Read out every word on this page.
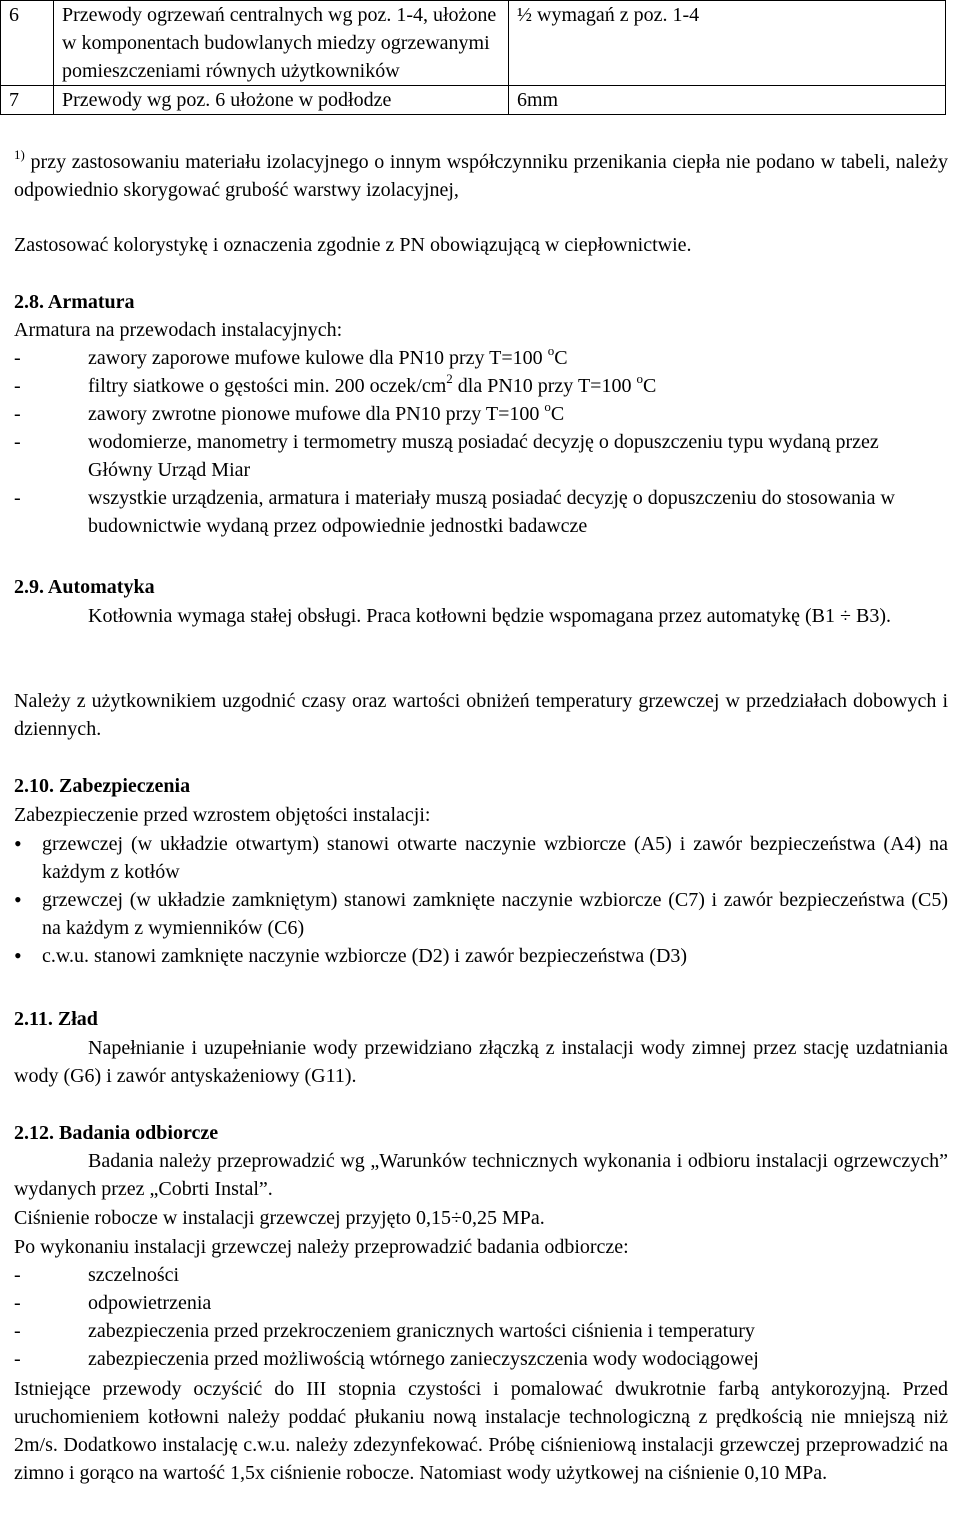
6	Przewody ogrzewań centralnych wg poz. 1-4, ułożone w komponentach budowlanych miedzy ogrzewanymi pomieszczeniami równych użytkowników	½ wymagań z poz. 1-4
7	Przewody wg poz. 6 ułożone w podłodze	6mm

$^{1)}$ przy zastosowaniu materiału izolacyjnego o innym współczynniku przenikania ciepła nie podano w tabeli, należy odpowiednio skorygować grubość warstwy izolacyjnej,

Zastosować kolorystykę i oznaczenia zgodnie z PN obowiązującą w ciepłownictwie.

2.8. Armatura

Armatura na przewodach instalacyjnych:

- zawory zaporowe mufowe kulowe dla PN10 przy T=100 $^o$C
- filtry siatkowe o gęstości min. 200 oczek/$cm^2$ dla PN10 przy T=100 $^o$C
- zawory zwrotne pionowe mufowe dla PN10 przy T=100 $^o$C
- wodomierze, manometry i termometry muszą posiadać decyzję o dopuszczeniu typu wydaną przez Główny Urząd Miar
- wszystkie urządzenia, armatura i materiały muszą posiadać decyzję o dopuszczeniu do stosowania w budownictwie wydaną przez odpowiednie jednostki badawcze

2.9. Automatyka

Kotłownia wymaga stałej obsługi. Praca kotłowni będzie wspomagana przez automatykę (B1 ÷ B3).

Należy z użytkownikiem uzgodnić czasy oraz wartości obniżeń temperatury grzewczej w przedziałach dobowych i dziennych.

2.10. Zabezpieczenia

Zabezpieczenie przed wzrostem objętości instalacji:

• grzewczej (w układzie otwartym) stanowi otwarte naczynie wzbiorcze (A5) i zawór bezpieczeństwa (A4) na każdym z kotłów
• grzewczej (w układzie zamkniętym) stanowi zamknięte naczynie wzbiorcze (C7) i zawór bezpieczeństwa (C5) na każdym z wymienników (C6)
• c.w.u. stanowi zamknięte naczynie wzbiorcze (D2) i zawór bezpieczeństwa (D3)

2.11. Zład

Napełnianie i uzupełnianie wody przewidziano złączką z instalacji wody zimnej przez stację uzdatniania wody (G6) i zawór antyskażeniowy (G11).

2.12. Badania odbiorcze

Badania należy przeprowadzić wg „Warunków technicznych wykonania i odbioru instalacji ogrzewczych” wydanych przez „Cobrti Instal”.

Ciśnienie robocze w instalacji grzewczej przyjęto 0,15÷0,25 MPa.

Po wykonaniu instalacji grzewczej należy przeprowadzić badania odbiorcze:

- szczelności
- odpowietrzenia
- zabezpieczenia przed przekroczeniem granicznych wartości ciśnienia i temperatury
- zabezpieczenia przed możliwością wtórnego zanieczyszczenia wody wodociągowej

Istniejące przewody oczyścić do III stopnia czystości i pomalować dwukrotnie farbą antykorozyjną. Przed uruchomieniem kotłowni należy poddać płukaniu nową instalacje technologiczną z prędkością nie mniejszą niż 2m/s. Dodatkowo instalację c.w.u. należy zdezynfekować. Próbę ciśnieniową instalacji grzewczej przeprowadzić na zimno i gorąco na wartość 1,5x ciśnienie robocze. Natomiast wody użytkowej na ciśnienie 0,10 MPa.
